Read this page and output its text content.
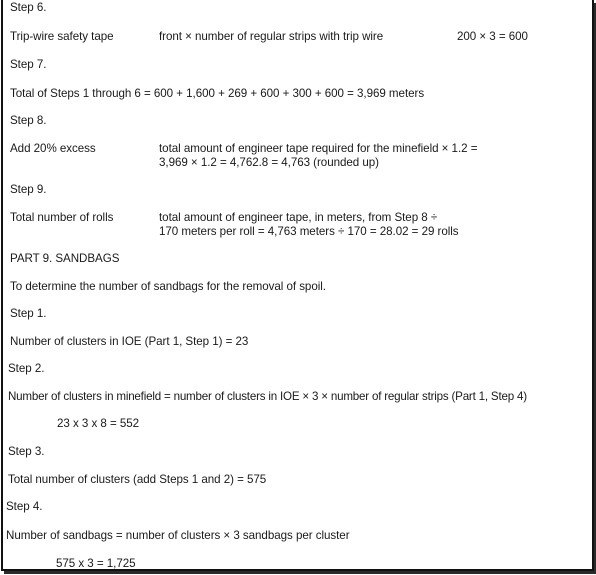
Step 6.
Trip-wire safety tape	front × number of regular strips with trip wire	200 × 3 = 600
Step 7.
Total of Steps 1 through 6 = 600 + 1,600 + 269 + 600 + 300 + 600 = 3,969 meters
Step 8.
Add 20% excess	total amount of engineer tape required for the minefield × 1.2 =
3,969 × 1.2 = 4,762.8 = 4,763 (rounded up)
Step 9.
Total number of rolls	total amount of engineer tape, in meters, from Step 8 ÷
170 meters per roll = 4,763 meters ÷ 170 = 28.02 = 29 rolls
PART 9. SANDBAGS
To determine the number of sandbags for the removal of spoil.
Step 1.
Number of clusters in IOE (Part 1, Step 1) = 23
Step 2.
Number of clusters in minefield = number of clusters in IOE × 3 × number of regular strips (Part 1, Step 4)
23 x 3 x 8 = 552
Step 3.
Total number of clusters (add Steps 1 and 2) = 575
Step 4.
Number of sandbags = number of clusters × 3 sandbags per cluster
575 x 3 = 1,725
